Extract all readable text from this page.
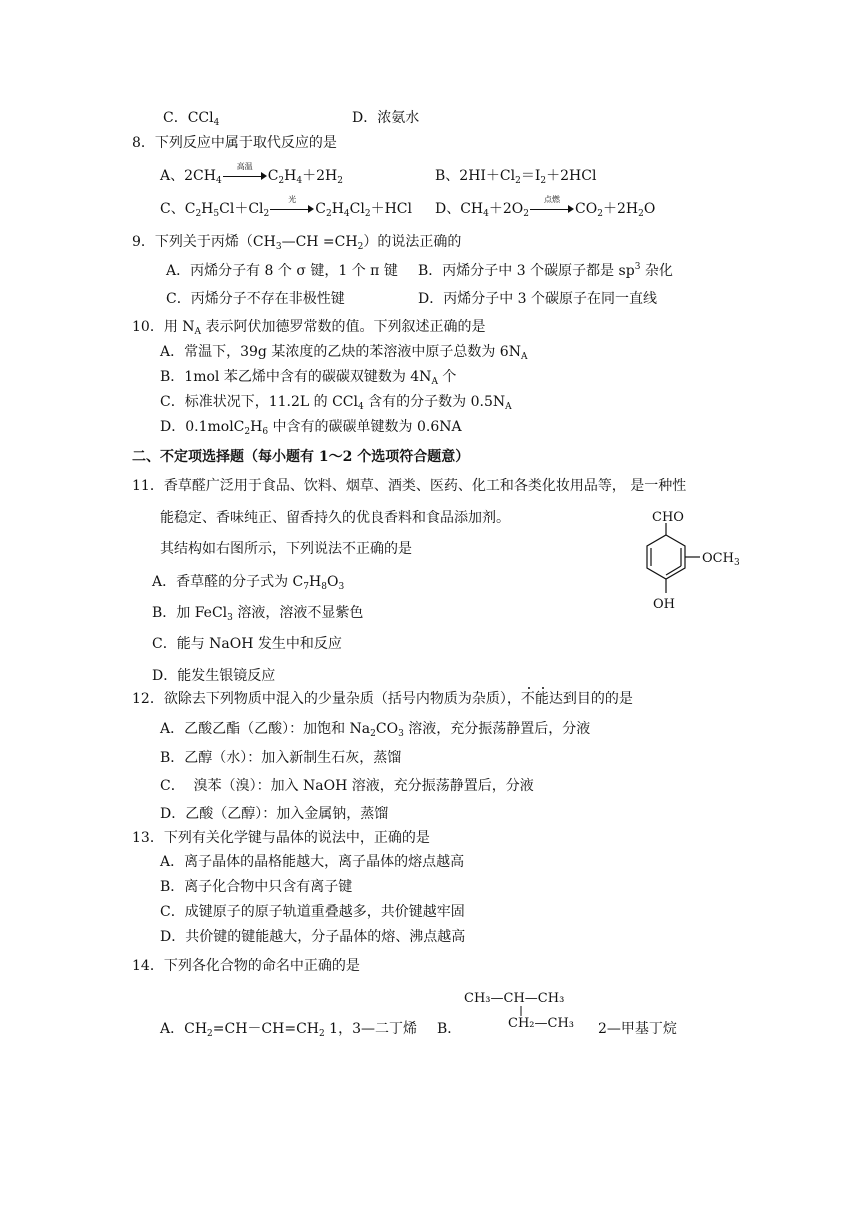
C．CCl$_4$	D．浓氨水
8．下列反应中属于取代反应的是
A、$2CH_4$
高温
$C_2H_4+2H_2$	B、$2HI+Cl_2=I_2+2HCl$
C、$C_2H_5Cl+Cl_2$
光
$C_2H_4Cl_2+HCl$ D、$CH_4+2O_2$
点燃
$CO_2+2H_2O$
9．下列关于丙烯$(CH_3—CH =CH_2)$的说法正确的
A．丙烯分子有 8 个 σ 键，1 个 π 键 B．丙烯分子中 3 个碳原子都是 $sp^3$ 杂化
C．丙烯分子不存在非极性键	D．丙烯分子中 3 个碳原子在同一直线
10．用 $N_A$ 表示阿伏加德罗常数的值。下列叙述正确的是
A．常温下，39g 某浓度的乙炔的苯溶液中原子总数为 $6N_A$
B．1mol 苯乙烯中含有的碳碳双键数为 $4N_A$ 个
C．标准状况下，11.2L 的 CCl$_4$ 含有的分子数为 $0.5N_A$
D．$0.1molC_2H_6$ 中含有的碳碳单键数为 0.6NA
二、不定项选择题（每小题有 1～2 个选项符合题意）
11．香草醛广泛用于食品、饮料、烟草、酒类、医药、化工和各类化妆用品等， 是一种性
能稳定、香味纯正、留香持久的优良香料和食品添加剂。
其结构如右图所示，下列说法不正确的是
A．香草醛的分子式为 $C_7H_8O_3$
B．加 FeCl$_3$ 溶液，溶液不显紫色
C．能与 NaOH 发生中和反应
D．能发生银镜反应
CHO
$OCH_3$
OH
12．欲除去下列物质中混入的少量杂质（括号内物质为杂质），不能达到目的的是
A．乙酸乙酯（乙酸）：加饱和 $Na_2CO_3$ 溶液，充分振荡静置后，分液
B．乙醇（水）：加入新制生石灰，蒸馏
C．  溴苯（溴）：加入 NaOH 溶液，充分振荡静置后，分液
D．乙酸（乙醇）：加入金属钠，蒸馏
13．下列有关化学键与晶体的说法中，正确的是
A．离子晶体的晶格能越大，离子晶体的熔点越高
B．离子化合物中只含有离子键
C．成键原子的原子轨道重叠越多，共价键越牢固
D．共价键的键能越大，分子晶体的熔、沸点越高
14．下列各化合物的命名中正确的是
A．$CH_2=CH-CH=CH_2$ 1，3—二丁烯 B．
CH₃—CH—CH₃
CH₂—CH₃ 2—甲基丁烷
